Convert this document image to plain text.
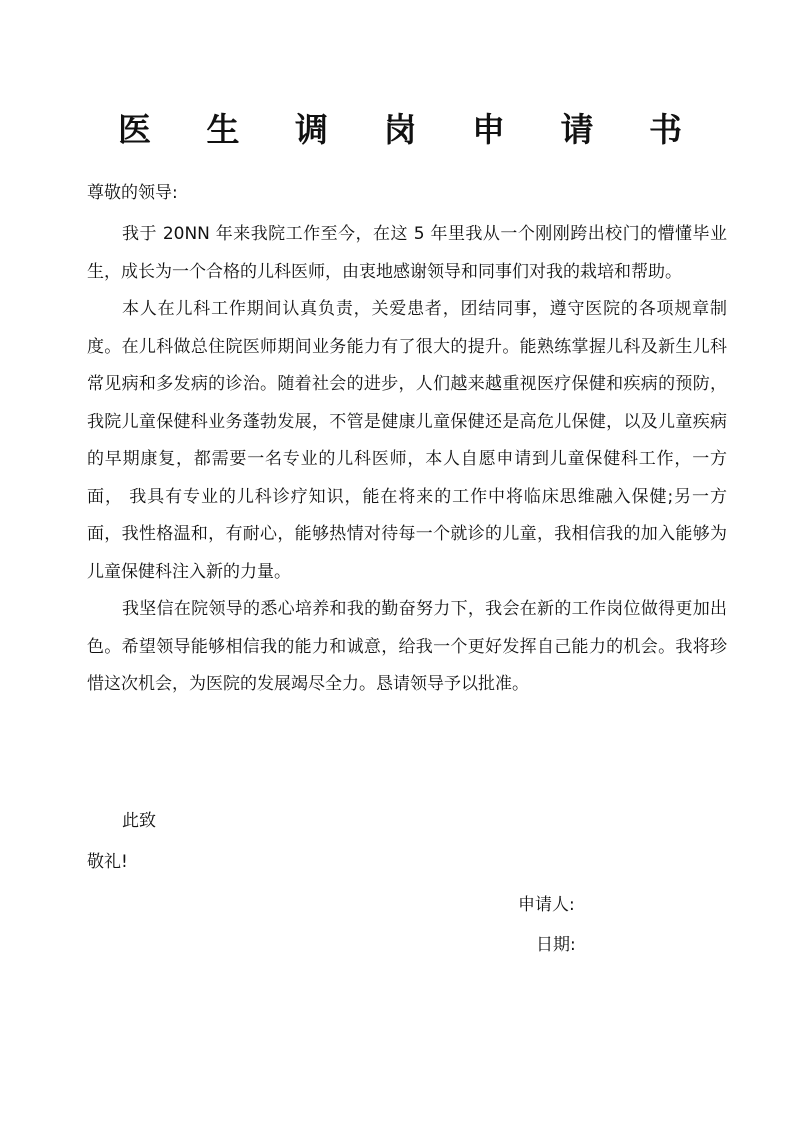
医 生 调 岗 申 请 书
尊敬的领导:

我于 20NN 年来我院工作至今，在这 5 年里我从一个刚刚跨出校门的懵懂毕业生，成长为一个合格的儿科医师，由衷地感谢领导和同事们对我的栽培和帮助。

本人在儿科工作期间认真负责，关爱患者，团结同事，遵守医院的各项规章制度。在儿科做总住院医师期间业务能力有了很大的提升。能熟练掌握儿科及新生儿科常见病和多发病的诊治。随着社会的进步，人们越来越重视医疗保健和疾病的预防，我院儿童保健科业务蓬勃发展，不管是健康儿童保健还是高危儿保健，以及儿童疾病的早期康复，都需要一名专业的儿科医师，本人自愿申请到儿童保健科工作，一方面， 我具有专业的儿科诊疗知识，能在将来的工作中将临床思维融入保健;另一方面，我性格温和，有耐心，能够热情对待每一个就诊的儿童，我相信我的加入能够为儿童保健科注入新的力量。

我坚信在院领导的悉心培养和我的勤奋努力下，我会在新的工作岗位做得更加出色。希望领导能够相信我的能力和诚意，给我一个更好发挥自己能力的机会。我将珍惜这次机会，为医院的发展竭尽全力。恳请领导予以批准。

此致
敬礼!
申请人:
日期:
